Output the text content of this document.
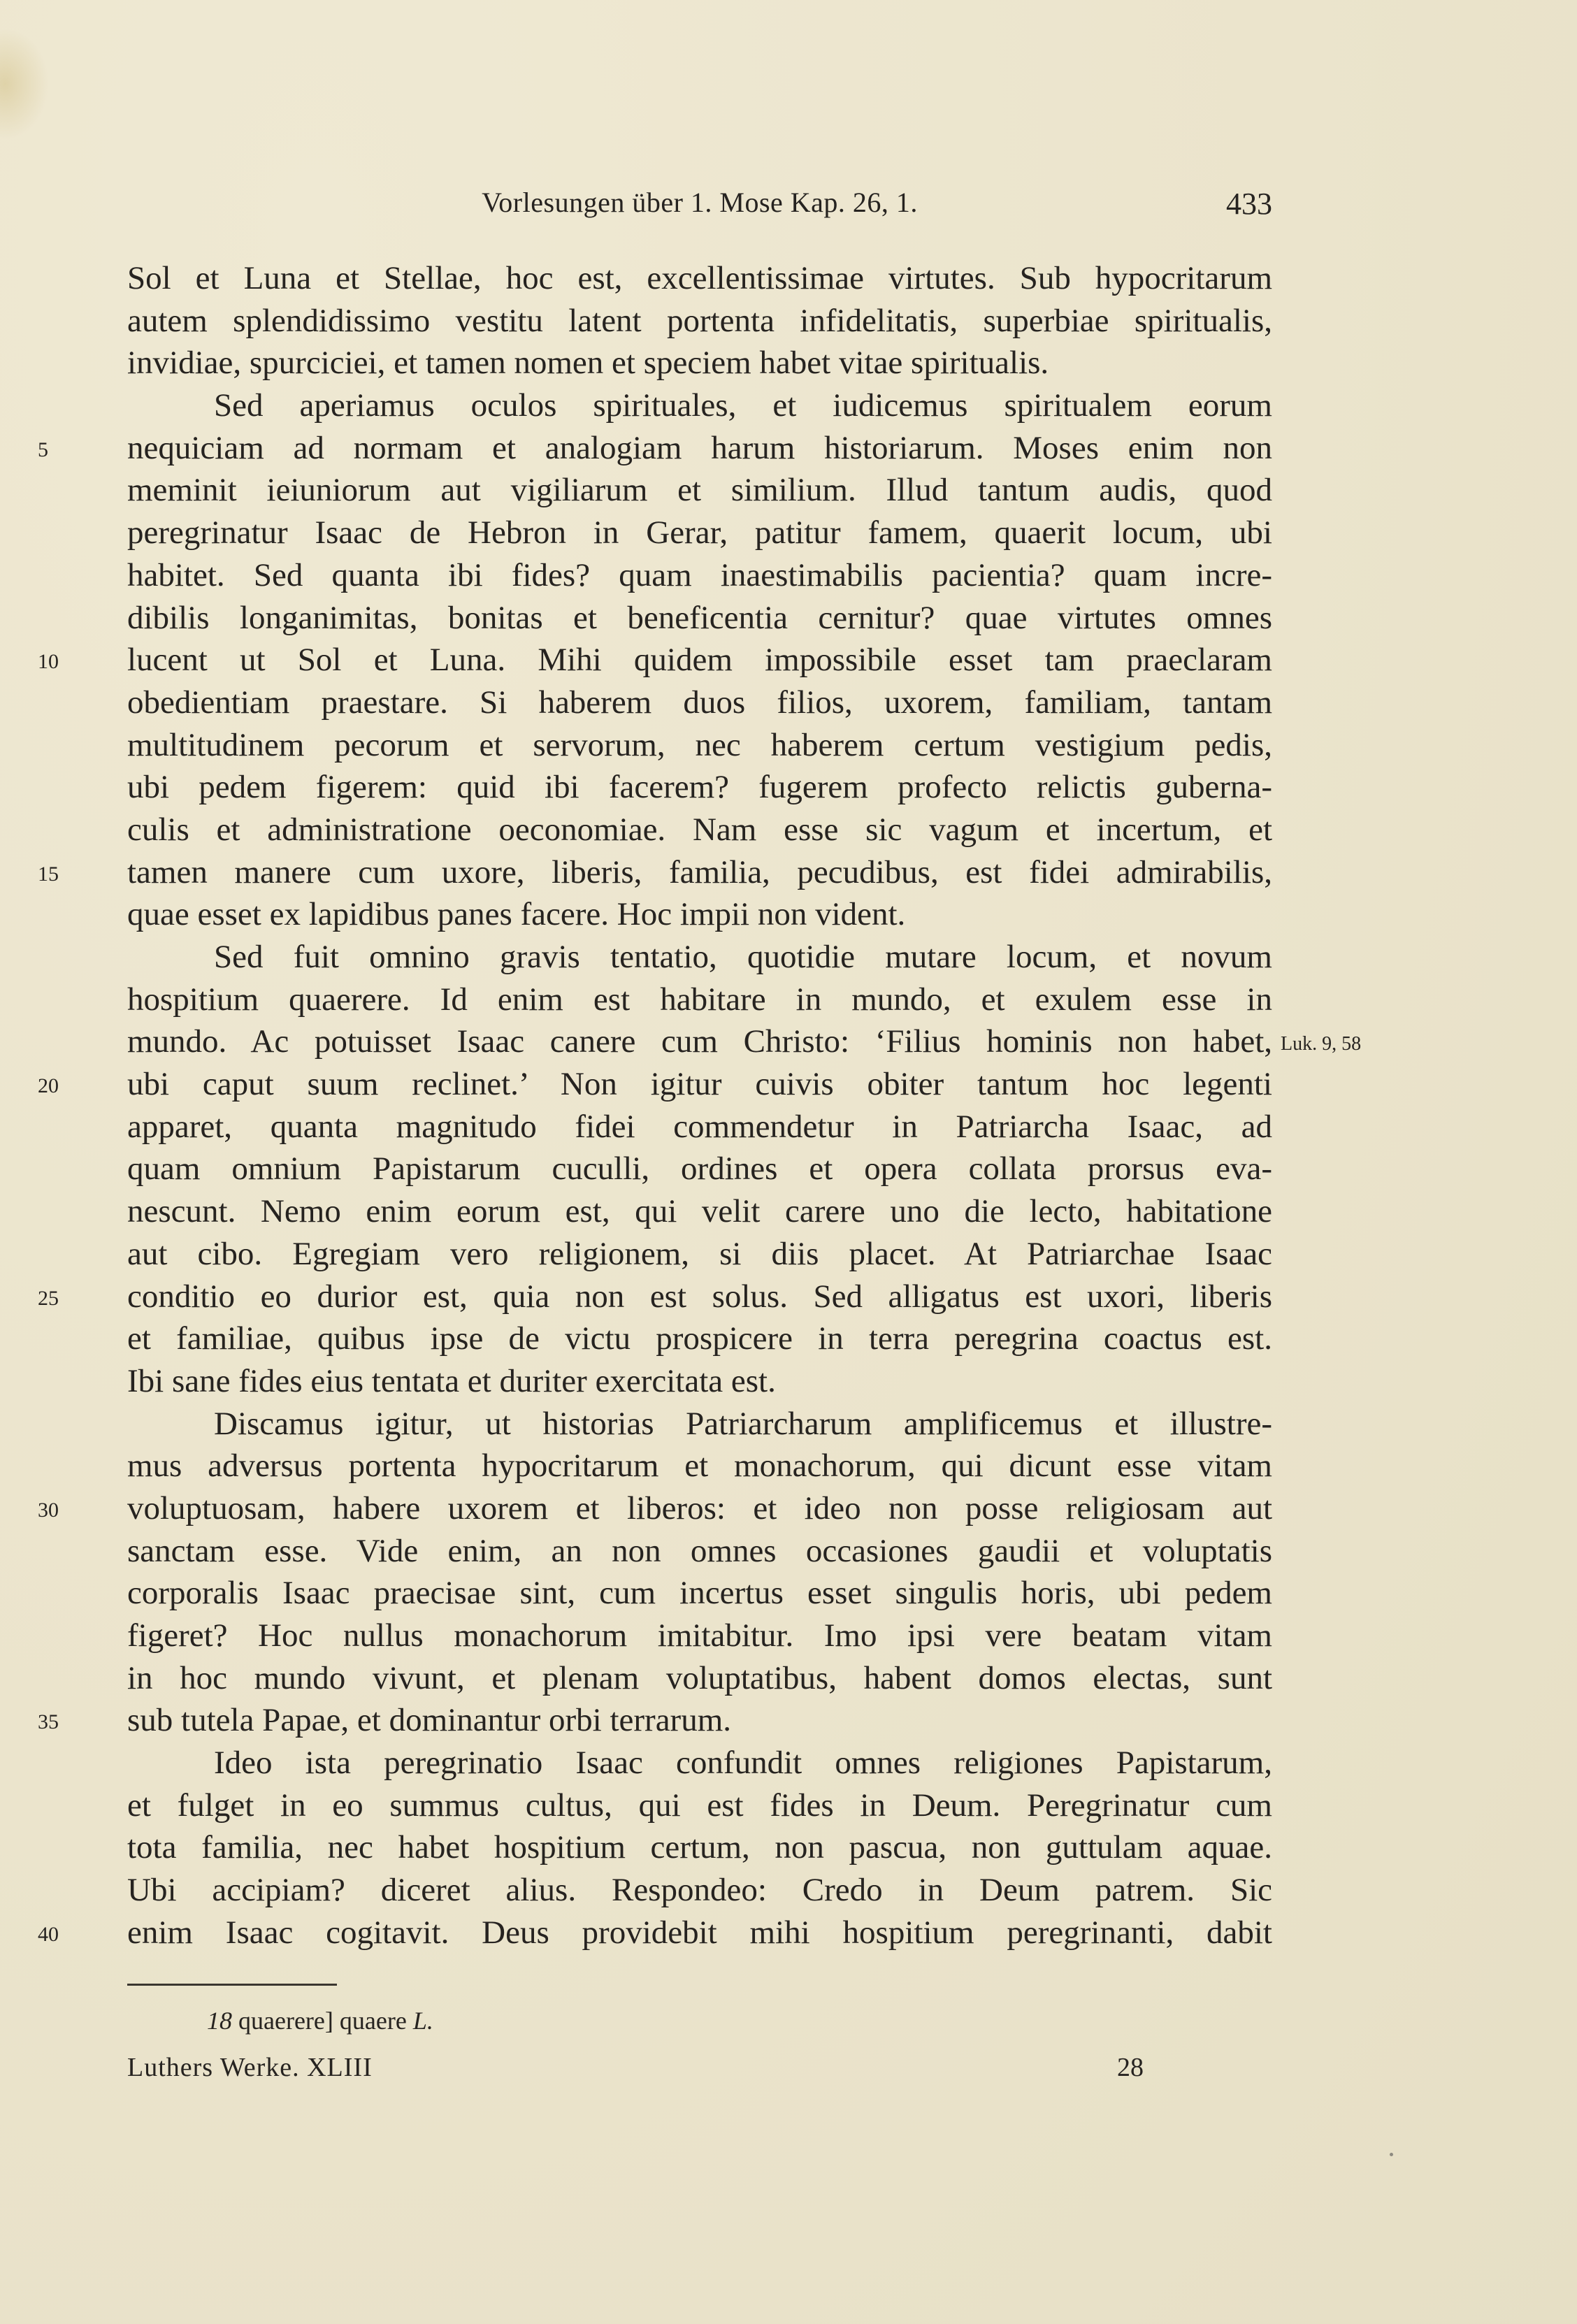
Vorlesungen über 1. Mose Kap. 26, 1.	433
Sol et Luna et Stellae, hoc est, excellentissimae virtutes. Sub hypocritarum
autem splendidissimo vestitu latent portenta infidelitatis, superbiae spiritualis,
invidiae, spurciciei, et tamen nomen et speciem habet vitae spiritualis.
Sed aperiamus oculos spirituales, et iudicemus spiritualem eorum
5	nequiciam ad normam et analogiam harum historiarum. Moses enim non
meminit ieiuniorum aut vigiliarum et similium. Illud tantum audis, quod
peregrinatur Isaac de Hebron in Gerar, patitur famem, quaerit locum, ubi
habitet. Sed quanta ibi fides? quam inaestimabilis pacientia? quam incre-
dibilis longanimitas, bonitas et beneficentia cernitur? quae virtutes omnes
10	lucent ut Sol et Luna. Mihi quidem impossibile esset tam praeclaram
obedientiam praestare. Si haberem duos filios, uxorem, familiam, tantam
multitudinem pecorum et servorum, nec haberem certum vestigium pedis,
ubi pedem figerem: quid ibi facerem? fugerem profecto relictis guberna-
culis et administratione oeconomiae. Nam esse sic vagum et incertum, et
15	tamen manere cum uxore, liberis, familia, pecudibus, est fidei admirabilis,
quae esset ex lapidibus panes facere. Hoc impii non vident.
Sed fuit omnino gravis tentatio, quotidie mutare locum, et novum
hospitium quaerere. Id enim est habitare in mundo, et exulem esse in
mundo. Ac potuisset Isaac canere cum Christo: ‘Filius hominis non habet, Luk. 9, 58
20	ubi caput suum reclinet.’ Non igitur cuivis obiter tantum hoc legenti
apparet, quanta magnitudo fidei commendetur in Patriarcha Isaac, ad
quam omnium Papistarum cuculli, ordines et opera collata prorsus eva-
nescunt. Nemo enim eorum est, qui velit carere uno die lecto, habitatione
aut cibo. Egregiam vero religionem, si diis placet. At Patriarchae Isaac
25	conditio eo durior est, quia non est solus. Sed alligatus est uxori, liberis
et familiae, quibus ipse de victu prospicere in terra peregrina coactus est.
Ibi sane fides eius tentata et duriter exercitata est.
Discamus igitur, ut historias Patriarcharum amplificemus et illustre-
mus adversus portenta hypocritarum et monachorum, qui dicunt esse vitam
30	voluptuosam, habere uxorem et liberos: et ideo non posse religiosam aut
sanctam esse. Vide enim, an non omnes occasiones gaudii et voluptatis
corporalis Isaac praecisae sint, cum incertus esset singulis horis, ubi pedem
figeret? Hoc nullus monachorum imitabitur. Imo ipsi vere beatam vitam
in hoc mundo vivunt, et plenam voluptatibus, habent domos electas, sunt
35	sub tutela Papae, et dominantur orbi terrarum.
Ideo ista peregrinatio Isaac confundit omnes religiones Papistarum,
et fulget in eo summus cultus, qui est fides in Deum. Peregrinatur cum
tota familia, nec habet hospitium certum, non pascua, non guttulam aquae.
Ubi accipiam? diceret alius. Respondeo: Credo in Deum patrem. Sic
40	enim Isaac cogitavit. Deus providebit mihi hospitium peregrinanti, dabit
18 quaerere] quaere L.
Luthers Werke. XLIII	28
